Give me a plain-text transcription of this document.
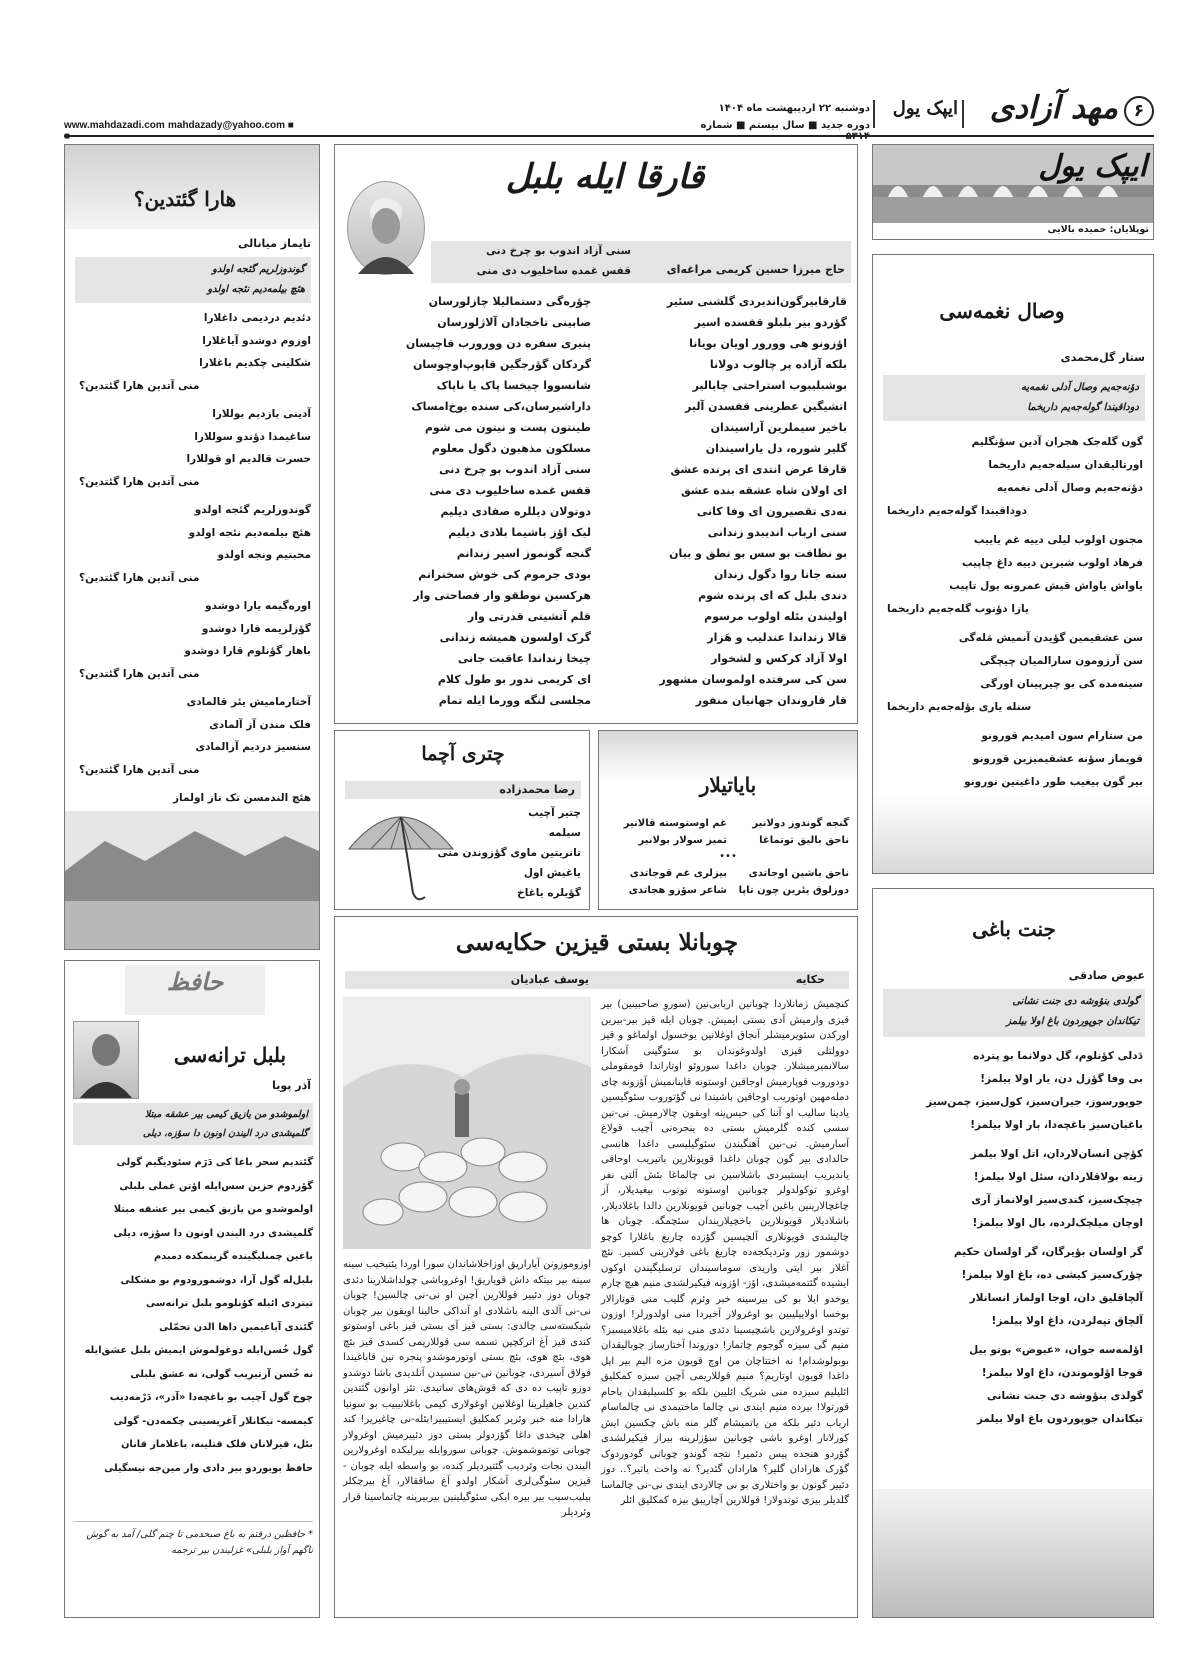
۶
مهد آزادی
ایپک یول
دوشنبه ۲۲ اردیبهشت ماه ۱۴۰۴
دوره جدید ■ سال بیستم ■ شماره
mahdazady@yahoo.com ■
www.mahdazadi.com
ایپک یول
توپلایان: حمیده بالایی
وصال نغمه‌سی
ستار گل‌محمدی
دؤنه‌جه‌یم وصال آدلی نغمه‌یه
دوداقیندا گوله‌جه‌یم داریخما
گون گله‌جک هجران آدین سؤنگلیم
اورتالیقدان سیله‌جه‌یم داریخما
دؤنه‌جه‌یم وصال آدلی نغمه‌یه
دوداقیندا گوله‌جه‌یم داریخما
مجنون اولوب لیلی دییه غم یاییب
فرهاد اولوب شیرین دییه داغ چاپیب
یاواش یاواش قیش عمرونه یول تاپیب
یازا دؤنوب گله‌جه‌یم داریخما
سن عشقیمین گؤیدن آنمیش مَله‌گی
سن آرزومون سارالمیان چیچگی
سینه‌مده کی بو چیرپینان اورگی
سنله یاری بؤله‌جه‌یم داریخما
من ستارام سون امیدیم قورونو
قویماز سؤنه عشقیمیزین قورونو
بیر گون بیغیب طور داغینین نورونو
جنت باغی
عیوض صادقی
گولدی بنؤوشه دی جنت نشانی
تیکاندان جوپوردون باغ اولا بیلمز
دَدلی کؤنلوم، گل دولانما بو پترده
بی وفا گؤزل دن، یار اولا بیلمز!
جوپورسوز، جیران‌سیز، کول‌سیز، چمن‌سیز
باغبان‌سیز باغچه‌دا، بار اولا بیلمز!
کؤچن انسان‌لاردان، اتل اولا بیلمز
زینه بولاقلاردان، سئل اولا بیلمز!
چیچک‌سیز، کندی‌سیز اولانماز آری
اوچان میلچک‌لرده، بال اولا بیلمز!
گر اولسان بؤیرگان، گر اولسان حکیم
چؤرک‌سیز کیشی ده، باغ اولا بیلمز!
آلچاقلیق دان، اوجا اولماز انسانلار
آلچاق تپه‌لردن، داغ اولا بیلمز!
اؤلمه‌سه جوان، «عیوض» بوتو بیل
قوجا اؤلوموندن، داغ اولا بیلمز!
گولدی بنؤوشه دی جنت نشانی
تیکاندان جوپوردون باغ اولا بیلمز
قارقا ایله بلبل
حاج میرزا حسین کریمی مراغه‌ای
سنی آزاد اندوب بو چرخ دنی
قفس غمده ساخلیوب دی منی
قارقابیرگون‌اندیردی گلشنی سئیر
گؤردو بیر بلبلو قفسده اسیر
اؤزونو هی وورور اویان بویانا
بلکه آزاده پر چالوب دولانا
بوشبلیبوب استراحتی چابالیر
اتشیگین عطرینی قفسدن آلیر
باخیر سیملرین آراسیندان
گلیر شوره، دل یاراسیندان
قارقا عرض انتدی ای پرنده عشق
ای اولان شاه عشقه بنده عشق
نه‌دی تقصیرون ای وفا کانی
سنی ارباب اندیبدو زندانی
بو نظافت بو سس بو نطق و بیان
سنه جانا روا دگول زندان
دندی بلبل که ای پرنده شوم
اولیندن بئله اولوب مرسوم
قالا زنداندا عندلیب و هَزار
اولا آزاد کرکس و لشخوار
سن کی سرفتده اولموسان مشهور
قار قاروندان جهانیان منفور
چؤره‌گی دستمالیلا چازلورسان
صابینی تاخجادان آلاژلورسان
پنیری سفره دن وورورب قاچیسان
گردکان گؤرجگین قاپوپ‌اوچوسان
شانسووا چیخسا پاک یا ناپاک
دارا‌شیرسان،کی سنده یوخ‌امساک
طینتون پست و نیتون می شوم
مسلکون مذهبون دگول معلوم
سنی آزاد اندوب بو چرخ دنی
قفس غمده ساخلیوب دی منی
دوتولان دیللره صفادی دیلیم
لیک اؤز باشیما بلادی دیلیم
گنجه گونموز اسیر زندانم
بودی جرموم کی خوش سخنرانم
هرکسین نوطقو وار فصاحتی وار
قلم آتشینی قدرتی وار
گرک اولسون همیشه زندانی
چیخا زنداندا عاقبت جانی
ای کریمی ندور بو طول کلام
مجلسی لنگه وورما ایله تمام
چتری آچما
رضا محمدزاده
چتیر آچیب
سیلمه
تانریتین ماوی گؤزوندن منی
یاغیش اول
گؤیلره یاغاخ
بایاتیلار
گنجه گوندوز دولانیر
ناحق بالیق توتماغا
غم اوستوسته قالانیر
تمیز سولار بولانیر
•••
ناحق باشین اوجاتدی
دوزلوق یئرین چون تاپا
بیزلری غم قوجاتدی
شاعر سؤزو هجاتدی
چوبانلا بستی قیزین حکایه‌سی
حکایه
یوسف عبادیان
کنچمیش زمانلاردا چوبانین اربابی‌نین (سوروِ صاحبینین) بیر قیزی وارمیش آدی بستی ایمیش. چوبان ایله قیز بیر-بیرین اورکدن سئویرمیشلر آنجاق اوغلانین یوخسول اولماغو و قیز دوولتلی قیزی اولدوغوندان بو سئوگینی آشکارا سالانمیرمیشلار. چوبان داغدا سوروئو اوتاراندا قومقوملی دودوروب قوپارمیش اوجاقین اوستونه قاینانمیش آؤزونه چای دمله‌مهین اوتوریب اوجاقین باشیندا نی گؤتوروب سئوگیسین یادینا سالیب او آننا کی حیس‌ینه اوبقون چالارمیش. نی-نین سسی کنده گلرمیش بستی ده ینجره‌نی آچیب قولاغ آسارمیش. نی-نین آهنگیندن سئوگیلیسی داغدا هانسی حالدادی بیر گون چوبان داغدا قویونلارین باتیریب اوجاقی یاندیریب ایستیبردی باشلاسین نی چالماغا بئش آلتی نفر اوغرو توکولدولر چوبانین اوستونه توتوب بیغیدیلار، آز چاغچالارینین باغین آچیب چوبانین قویونلارین دالدا باغلادیلار، باشلادیلار قویونلارین باخچیلاریندان سئچمگه. چوبان ها چالیشدی قویونلاری آلچیسین گؤزده چاریغ باغلارا کوچو دوشمور زور وئردیکجه‌ده چاریغ باغی قولارینی کسیر. نئچ آغلار بیر ایتی واریدی سوماسیندان ترسلیگیندن اوکون ایشیده گئتمه‌میشدی، اؤز- اؤزونه فیکیرلشدی منیم هیچ چارم یوخدو ایلا بو کی بیرسینه خبر وئرم گلیب منی قوتارالار بوخسا اولاییلیبین بو اوغرولار آخیردا منی اولدورلر! اوزون توتدو اوغرولارین باشچیسینا دئدی منی نیه بئله باغلامیسیز؟ منیم گی سیزه گوجوم چاتماز! دوزوندا آختارساز چوبالیقدان بوبولوشدام! نه اختتاچان من اوچ قویون مزه الیم بیر ایل داغدا قویون اوتاریم؟ منیم قوللاریمی آچین سیزه کمکلیق ائلیلیم سیزده منی شریک ائلیین بلکه بو کلسیلیقدان باحام قورتولا! بیرده منیم ایندی نی چالما ماختیمدی نی چالماسام ارباب دئیر بلکه من یاتمیشام گلر منه باش چکسین ایش کورلانار اوغرو باشی چوبانین سؤزلرینه بیراز فیکیرلشدی گؤردو هنجده پیس دئمیر! نتجه گوندو چوبانی گودوردوک گؤرک هارادان گلیر؟ هارادان گئدیر؟ نه واخت یاتیر؟.. دوز دئییر گونون بو واختلاری بو نی چالاردی ایندی نی-نی چالماسا گلدیلر بیزی توتدولار! قوللارین آچاریبق بیزه کمکلیق ائلر
اوزوموزونن آیاراریق اوزاخلاشاندان سورا اوردا یئتیخیب سینه سینه بیر بیتکه داش قویاریق! اوغروباشی چولداشلارینا دئدی چوبان دوز دئییر قوللارین آچین او نی-نی چالسین! چوبان نی-نی آلدی الینه باشلادی او آنداکی حالینا اویقون بیر چوبان شیکسته‌سی چالدی: بستی قیز آی بستی قیز باغی اوستوتو کندی قیز آغ اترکچین تسمه سی قوللاریمی کسدی قیز بئچ هوی، بئچ هوی، بئچ بستی اوتورموشدو پنجره نین قاباغیندا قولاق آسیردی، چوبانین نی-نین سسیدن آنلدیدی باشا دوشدو دوزو تاپیب ده دی که قوش‌های ساتیدی. تئز اوانون گئتدین کندین جاهیلرینا اوغلانین اوغولاری کیمی باغلانیبیب بو سونیا هارادا منه خبر وئریر کمکلیق ایستیبیر!بئله-نی چاغیریر! کند اهلی چیخدی داغا گؤزدولر بستی دوز دئییرمیش اوغرولار چوبانی توتموشموش. چوبانی سوروایله بیرلیکده اوغرولارین الیندن نجات وئردیب گئتیردیلر کنده، بو واسطه ایله چوبان - قیزین سئوگی‌لری آشکار اولدو آغ ساققالار، آغ بیرچکلر بیلیب‌سیب بیر بیره ایکی سئوگیلینین بیربیرینه چاتماسینا قرار وئردیلر
هارا گئتدین؟
تایماز میانالی
گوندوزلریم گئجه اولدو
هئچ بیلمه‌دیم نئجه اولدو
دئدیم درديمی داغلارا
اوزوم دوشدو آیاغلارا
شکلینی چکدیم باغلارا
منی آتدین هارا گئتدین؟
آدینی یازدیم یوللارا
ساغیمدا دؤندو سوللارا
حسرت قالدیم او قوللارا
منی آتدین هارا گئتدین؟
گوندوزلریم گئجه اولدو
هئچ بیلمه‌دیم نئجه اولدو
محبتیم ونجه اولدو
منی آتدین هارا گئتدین؟
اوره‌گیمه یارا دوشدو
گؤزلریمه قارا دوشدو
باهار گؤنلوم قارا دوشدو
منی آتدین هارا گئتدین؟
آختارمامیش یئر قالمادی
فلک مندن آز آلمادی
سنسیز دردیم آزالمادی
منی آتدین هارا گئتدین؟
هئچ الندمسن تک ناز اولماز
حافظ
بلبل ترانه‌سی
آذر پویا
اولموشدو من یازیق کیمی بیر عشقه مبتلا
گلمیشدی درد الیندن اونون دا سؤزه، دیلی
گئتدیم سحر باغا کی دَرَم سئوديگيم گولی
گؤردوم حزین سس‌ایله اؤتن غملی بلبلی
اولموشدو من یازیق کیمی بیر عشقه مبتلا
گلمیشدی درد الیندن اونون دا سؤزه، دیلی
یاغین چمنلیگینده گزینمکده دمبدم
بلبل‌له گول آرا، دوشمورودوم بو مشکلی
تیتردی ائیله کؤنلومو بلبل ترانه‌سی
گئتدی آیاغیمین داها الدن تحمّلی
گول خُسن‌ایله دوغولموش ایمیش بلبل عشق‌ایله
نه خُسن آرتیریب گولی، نه عشق بلبلی
چوخ گول آچیب بو باغچه‌دا «آذر»، دَرْمه‌دیب
کیمسه- تیکانلار آغریسینی چکمه‌دن- گولی
بئل، قیرلانان فلک قتلینه، باغلاماز قانان
حافظ بویوردو بیر دادی وار مین‌جه نیسگیلی
* حافظین درفتم به باغ صبحدمی تا چنم گلی/ آمد به گوش ناگهم آواز بلبلی» غزلیندن بیر ترجمه
